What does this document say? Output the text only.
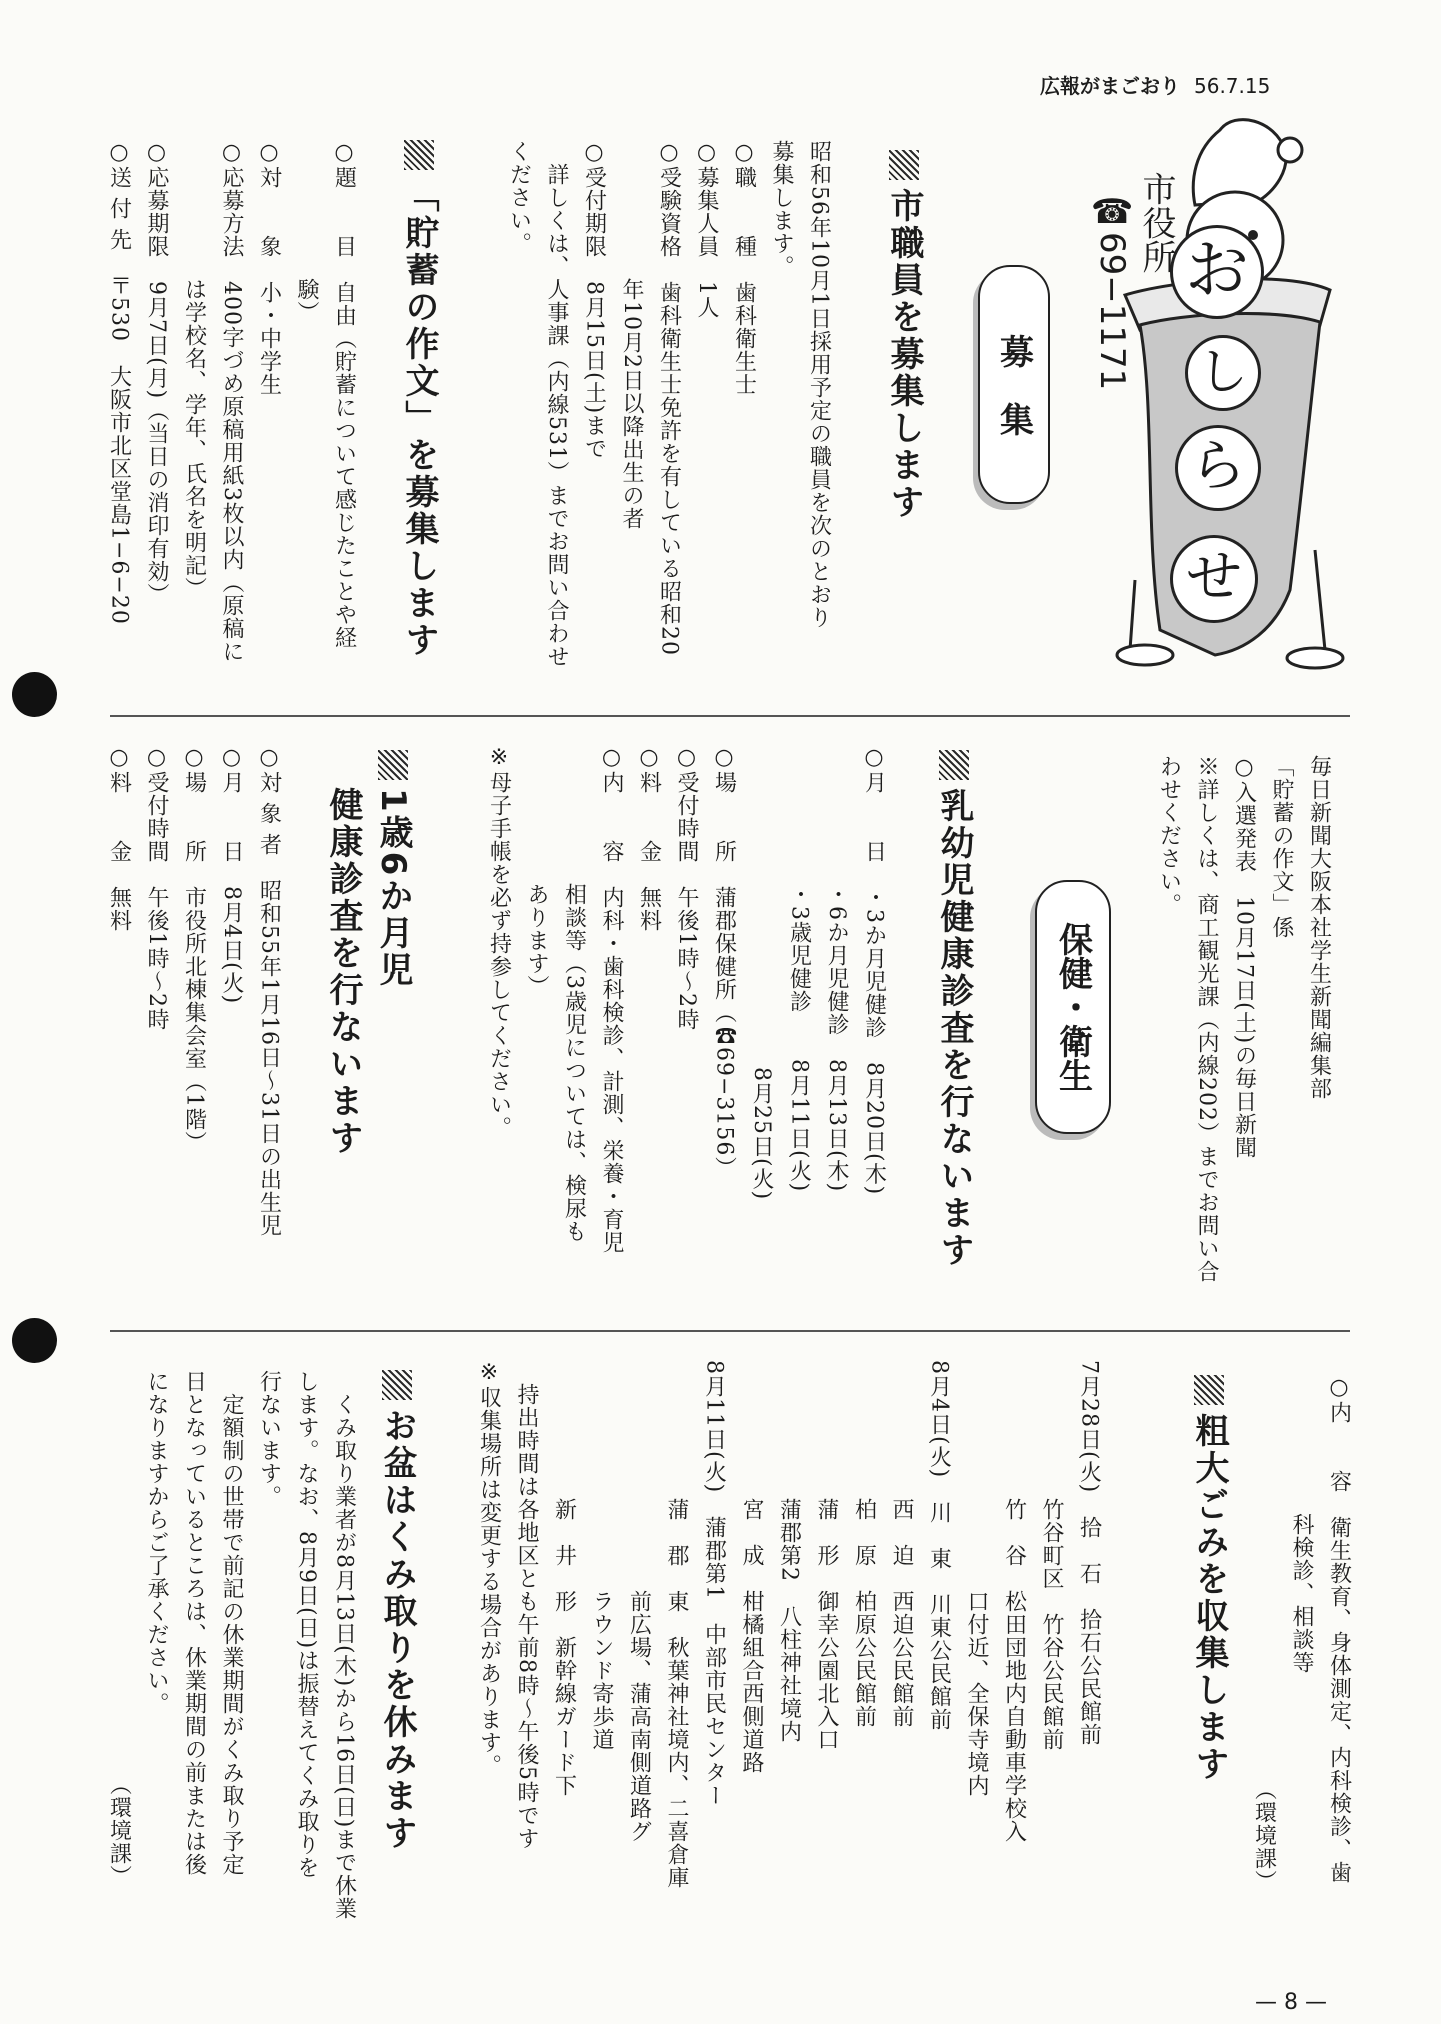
広報がまごおり 56.7.15
お
し
ら
せ

市役所
☎69−1171

募　集
市職員を募集します
昭和56年10月1日採用予定の職員を次のとおり
募集します。
○職　　種　歯科衛生士
○募集人員　1人
○受験資格　歯科衛生士免許を有している昭和20
　　　　　　年10月2日以降出生の者
○受付期限　8月15日(土)まで
　詳しくは、人事課（内線531）までお問い合わせ
ください。
「貯蓄の作文」を募集します
○題　　目　自由（貯蓄について感じたことや経
　　　　　　験）
○対　　象　小・中学生
○応募方法　400字づめ原稿用紙3枚以内（原稿に
　　　　　　は学校名、学年、氏名を明記）
○応募期限　9月7日(月)（当日の消印有効）
○送 付 先　〒530　大阪市北区堂島1−6−20
毎日新聞大阪本社学生新聞編集部
「貯蓄の作文」係
○入選発表　10月17日(土)の毎日新聞
※詳しくは、商工観光課（内線202）までお問い合
わせください。
保健・衛生
乳幼児健康診査を行ないます
○月　　日　・3か月児健診　8月20日(木)
　　　　　　・6か月児健診　8月13日(木)
　　　　　　・3歳児健診　　8月11日(火)
　　　　　　　　　　　　　　8月25日(火)
○場　　所　蒲郡保健所（☎69−3156）
○受付時間　午後1時〜2時
○料　　金　無料
○内　　容　内科・歯科検診、計測、栄養・育児
　　　　　　相談等（3歳児については、検尿も
　　　　　　あります）
※母子手帳を必ず持参してください。
1歳6か月児
　健康診査を行ないます
○対 象 者　昭和55年1月16日〜31日の出生児
○月　　日　8月4日(火)
○場　　所　市役所北棟集会室（1階）
○受付時間　午後1時〜2時
○料　　金　無料
○内　　容　衛生教育、身体測定、内科検診、歯
　　　　　　科検診、相談等
　　　　　　　　　　　　　　　　　　（環境課）
粗大ごみを収集します
7月28日(火)　拾　石　拾石公民館前
　　　　　　竹谷町区　竹谷公民館前
　　　　　　竹　谷　松田団地内自動車学校入
　　　　　　　　　　口付近、全保寺境内
8月4日(火)　川　東　川東公民館前
　　　　　　西　迫　西迫公民館前
　　　　　　柏　原　柏原公民館前
　　　　　　蒲　形　御幸公園北入口
　　　　　　蒲郡第2　八柱神社境内
　　　　　　宮　成　柑橘組合西側道路
8月11日(火)　蒲郡第1　中部市民センター
　　　　　　蒲　郡　東　秋葉神社境内、二喜倉庫
　　　　　　　　　　前広場、蒲高南側道路グ
　　　　　　　　　　ラウンド寄歩道
　　　　　　新　井　形　新幹線ガード下
　持出時間は各地区とも午前8時〜午後5時です
※収集場所は変更する場合があります。
お盆はくみ取りを休みます
　くみ取り業者が8月13日(木)から16日(日)まで休業
します。なお、8月9日(日)は振替えてくみ取りを
行ないます。
　定額制の世帯で前記の休業期間がくみ取り予定
日となっているところは、休業期間の前または後
になりますからご了承ください。
　　　　　　　　　　　　　　　　　　（環境課）
— 8 —
